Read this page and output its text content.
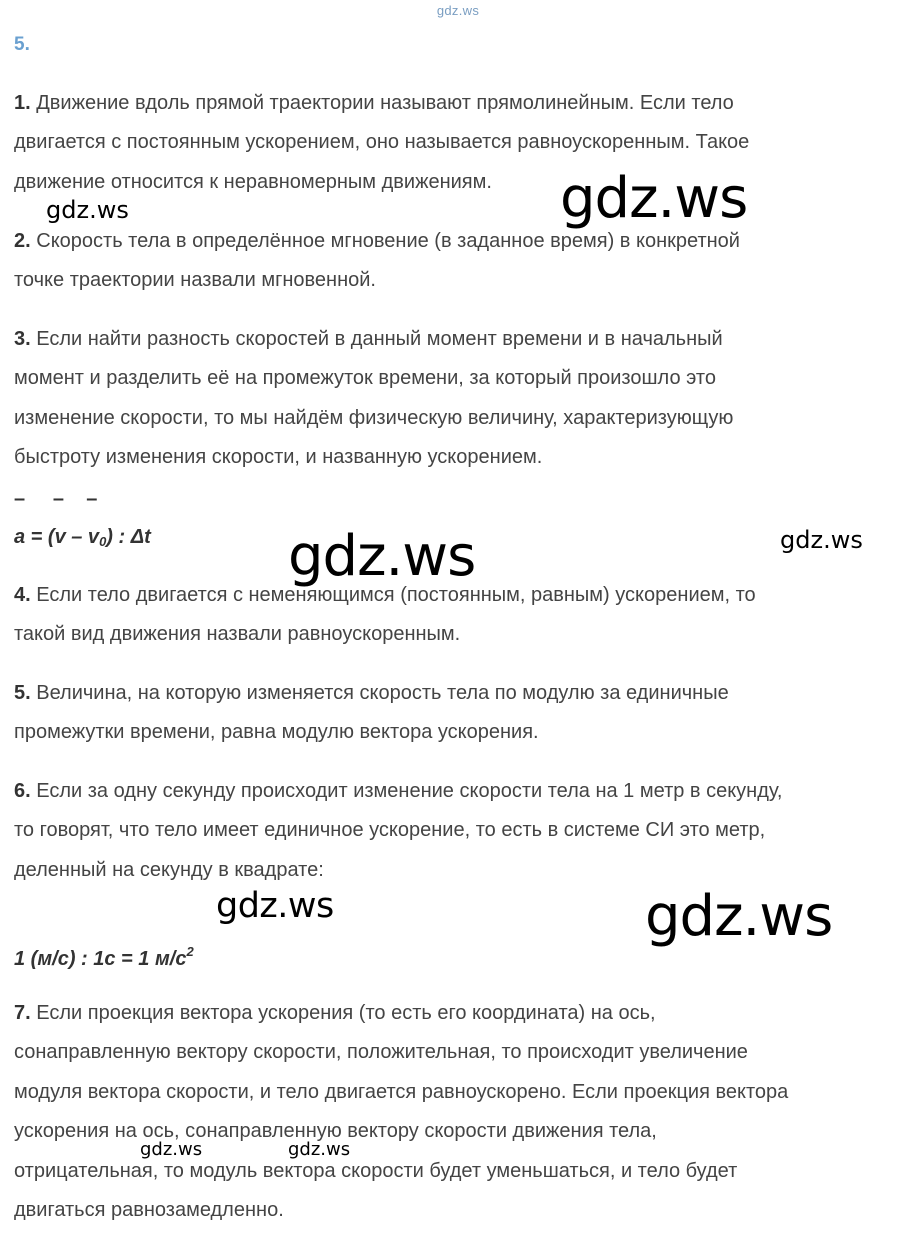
gdz.ws
5.
1. Движение вдоль прямой траектории называют прямолинейным. Если тело
двигается с постоянным ускорением, оно называется равноускоренным. Такое
движение относится к неравномерным движениям.
2. Скорость тела в определённое мгновение (в заданное время) в конкретной
точке траектории назвали мгновенной.
3. Если найти разность скоростей в данный момент времени и в начальный
момент и разделить её на промежуток времени, за который произошло это
изменение скорости, то мы найдём физическую величину, характеризующую
быстроту изменения скорости, и названную ускорением.
–     –    –
$a = (v - v_0)$ : Δt
4. Если тело двигается с неменяющимся (постоянным, равным) ускорением, то
такой вид движения назвали равноускоренным.
5. Величина, на которую изменяется скорость тела по модулю за единичные
промежутки времени, равна модулю вектора ускорения.
6. Если за одну секунду происходит изменение скорости тела на 1 метр в секунду,
то говорят, что тело имеет единичное ускорение, то есть в системе СИ это метр,
деленный на секунду в квадрате:
1 (м/с) : 1с = 1 $м/с^2$
7. Если проекция вектора ускорения (то есть его координата) на ось,
сонаправленную вектору скорости, положительная, то происходит увеличение
модуля вектора скорости, и тело двигается равноускорено. Если проекция вектора
ускорения на ось, сонаправленную вектору скорости движения тела,
отрицательная, то модуль вектора скорости будет уменьшаться, и тело будет
двигаться равнозамедленно.
gdz.ws	gdz.ws
gdz.ws	gdz.ws
gdz.ws	gdz.ws
gdz.ws	gdz.ws
